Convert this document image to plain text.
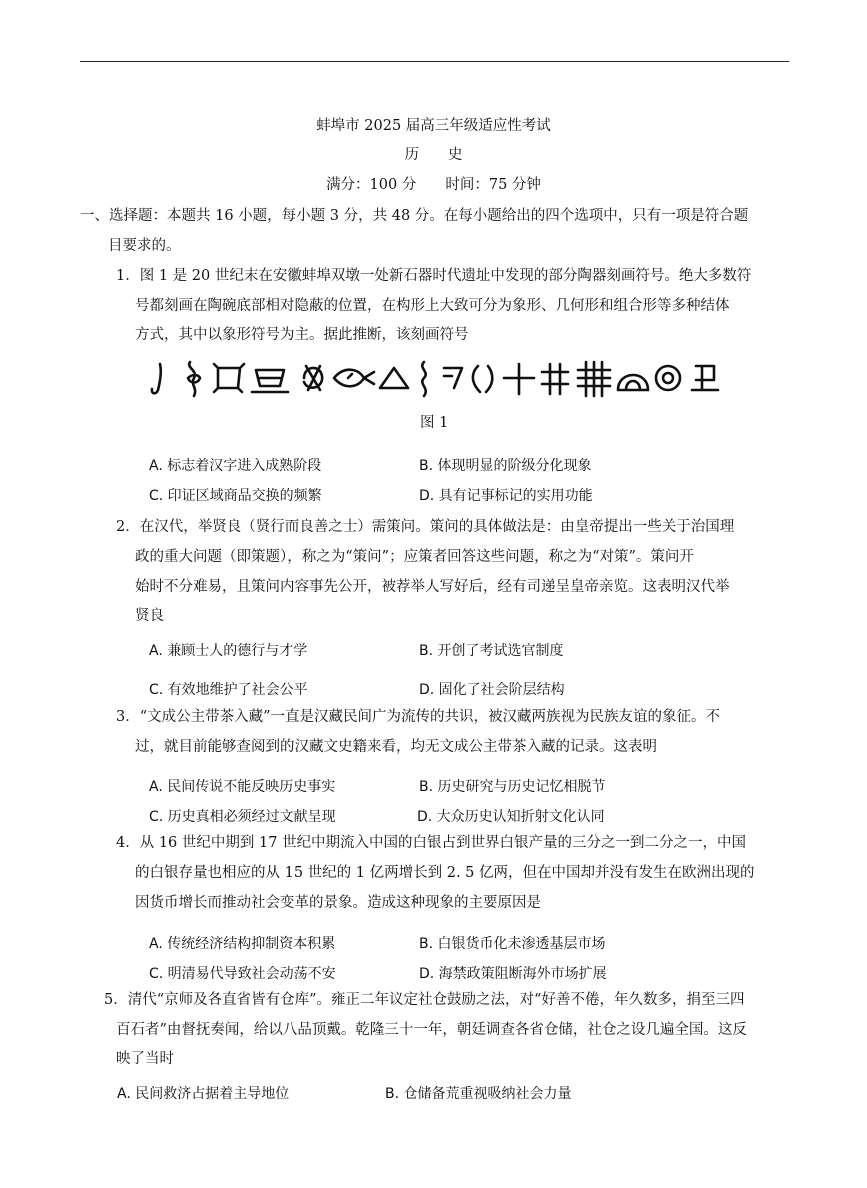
蚌埠市 2025 届高三年级适应性考试
历　　史
满分：100 分　　时间：75 分钟
一、选择题：本题共 16 小题，每小题 3 分，共 48 分。在每小题给出的四个选项中，只有一项是符合题
目要求的。
1．图 1 是 20 世纪末在安徽蚌埠双墩一处新石器时代遗址中发现的部分陶器刻画符号。绝大多数符
号都刻画在陶碗底部相对隐蔽的位置，在构形上大致可分为象形、几何形和组合形等多种结体
方式，其中以象形符号为主。据此推断，该刻画符号
图 1
A. 标志着汉字进入成熟阶段	B. 体现明显的阶级分化现象
C. 印证区域商品交换的频繁	D. 具有记事标记的实用功能
2．在汉代，举贤良（贤行而良善之士）需策问。策问的具体做法是：由皇帝提出一些关于治国理
政的重大问题（即策题），称之为“策问”；应策者回答这些问题，称之为“对策”。策问开
始时不分难易，且策问内容事先公开，被荐举人写好后，经有司递呈皇帝亲览。这表明汉代举
贤良
A. 兼顾士人的德行与才学	B. 开创了考试选官制度
C. 有效地维护了社会公平	D. 固化了社会阶层结构
3．“文成公主带茶入藏”一直是汉藏民间广为流传的共识，被汉藏两族视为民族友谊的象征。不
过，就目前能够查阅到的汉藏文史籍来看，均无文成公主带茶入藏的记录。这表明
A. 民间传说不能反映历史事实	B. 历史研究与历史记忆相脱节
C. 历史真相必须经过文献呈现	D. 大众历史认知折射文化认同
4．从 16 世纪中期到 17 世纪中期流入中国的白银占到世界白银产量的三分之一到二分之一，中国
的白银存量也相应的从 15 世纪的 1 亿两增长到 2. 5 亿两，但在中国却并没有发生在欧洲出现的
因货币增长而推动社会变革的景象。造成这种现象的主要原因是
A. 传统经济结构抑制资本积累	B. 白银货币化未渗透基层市场
C. 明清易代导致社会动荡不安	D. 海禁政策阻断海外市场扩展
5．清代“京师及各直省皆有仓库”。雍正二年议定社仓鼓励之法，对“好善不倦，年久数多，捐至三四
百石者”由督抚奏闻，给以八品顶戴。乾隆三十一年，朝廷调查各省仓储，社仓之设几遍全国。这反
映了当时
A. 民间救济占据着主导地位	B. 仓储备荒重视吸纳社会力量
